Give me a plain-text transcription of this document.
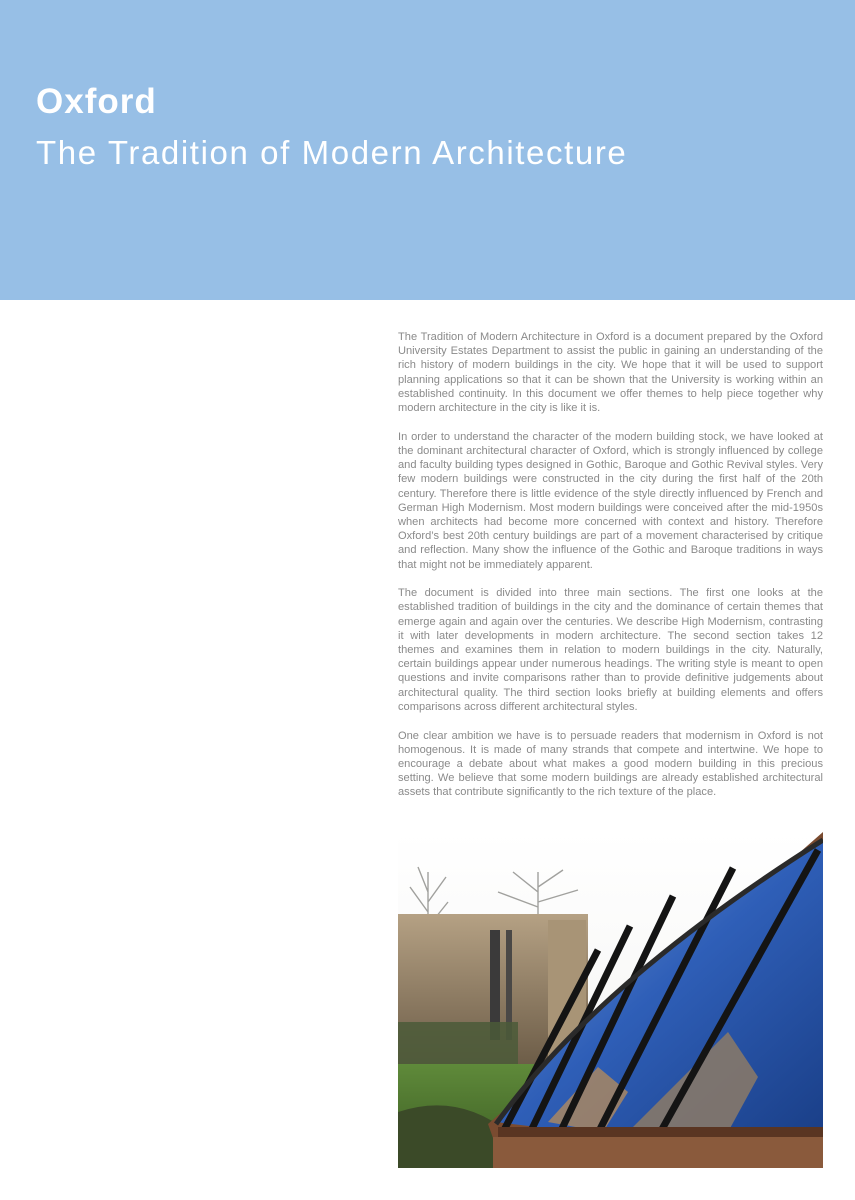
Oxford
The Tradition of Modern Architecture

The Tradition of Modern Architecture in Oxford is a document prepared by the Oxford University Estates Department to assist the public in gaining an understanding of the rich history of modern buildings in the city. We hope that it will be used to support planning applications so that it can be shown that the University is working within an established continuity. In this document we offer themes to help piece together why modern architecture in the city is like it is.

In order to understand the character of the modern building stock, we have looked at the dominant architectural character of Oxford, which is strongly influenced by college and faculty building types designed in Gothic, Baroque and Gothic Revival styles. Very few modern buildings were constructed in the city during the first half of the 20th century. Therefore there is little evidence of the style directly influenced by French and German High Modernism. Most modern buildings were conceived after the mid-1950s when architects had become more concerned with context and history. Therefore Oxford’s best 20th century buildings are part of a movement characterised by critique and reflection. Many show the influence of the Gothic and Baroque traditions in ways that might not be immediately apparent.

The document is divided into three main sections. The first one looks at the established tradition of buildings in the city and the dominance of certain themes that emerge again and again over the centuries. We describe High Modernism, contrasting it with later developments in modern architecture. The second section takes 12 themes and examines them in relation to modern buildings in the city. Naturally, certain buildings appear under numerous headings. The writing style is meant to open questions and invite comparisons rather than to provide definitive judgements about architectural quality. The third section looks briefly at building elements and offers comparisons across different architectural styles.

One clear ambition we have is to persuade readers that modernism in Oxford is not homogenous. It is made of many strands that compete and intertwine. We hope to encourage a debate about what makes a good modern building in this precious setting. We believe that some modern buildings are already established architectural assets that contribute significantly to the rich texture of the place.
